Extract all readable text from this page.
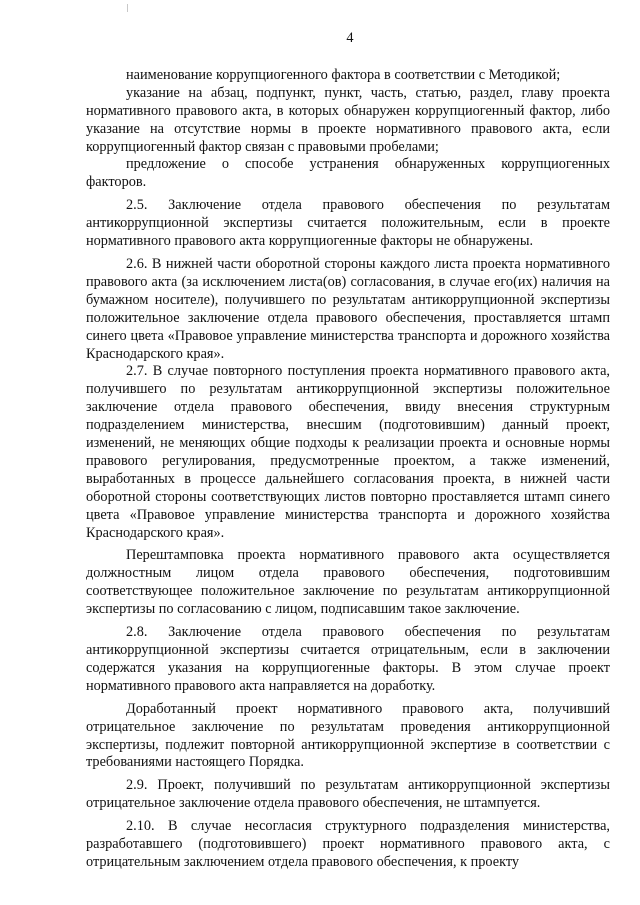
4

наименование коррупциогенного фактора в соответствии с Методикой;

указание на абзац, подпункт, пункт, часть, статью, раздел, главу проекта нормативного правового акта, в которых обнаружен коррупциогенный фактор, либо указание на отсутствие нормы в проекте нормативного правового акта, если коррупциогенный фактор связан с правовыми пробелами;

предложение о способе устранения обнаруженных коррупциогенных факторов.

2.5. Заключение отдела правового обеспечения по результатам антикоррупционной экспертизы считается положительным, если в проекте нормативного правового акта коррупциогенные факторы не обнаружены.

2.6. В нижней части оборотной стороны каждого листа проекта нормативного правового акта (за исключением листа(ов) согласования, в случае его(их) наличия на бумажном носителе), получившего по результатам антикоррупционной экспертизы положительное заключение отдела правового обеспечения, проставляется штамп синего цвета «Правовое управление министерства транспорта и дорожного хозяйства Краснодарского края».

2.7. В случае повторного поступления проекта нормативного правового акта, получившего по результатам антикоррупционной экспертизы положительное заключение отдела правового обеспечения, ввиду внесения структурным подразделением министерства, внесшим (подготовившим) данный проект, изменений, не меняющих общие подходы к реализации проекта и основные нормы правового регулирования, предусмотренные проектом, а также изменений, выработанных в процессе дальнейшего согласования проекта, в нижней части оборотной стороны соответствующих листов повторно проставляется штамп синего цвета «Правовое управление министерства транспорта и дорожного хозяйства Краснодарского края».

Перештамповка проекта нормативного правового акта осуществляется должностным лицом отдела правового обеспечения, подготовившим соответствующее положительное заключение по результатам антикоррупционной экспертизы по согласованию с лицом, подписавшим такое заключение.

2.8. Заключение отдела правового обеспечения по результатам антикоррупционной экспертизы считается отрицательным, если в заключении содержатся указания на коррупциогенные факторы. В этом случае проект нормативного правового акта направляется на доработку.

Доработанный проект нормативного правового акта, получивший отрицательное заключение по результатам проведения антикоррупционной экспертизы, подлежит повторной антикоррупционной экспертизе в соответствии с требованиями настоящего Порядка.

2.9. Проект, получивший по результатам антикоррупционной экспертизы отрицательное заключение отдела правового обеспечения, не штампуется.

2.10. В случае несогласия структурного подразделения министерства, разработавшего (подготовившего) проект нормативного правового акта, с отрицательным заключением отдела правового обеспечения, к проекту
